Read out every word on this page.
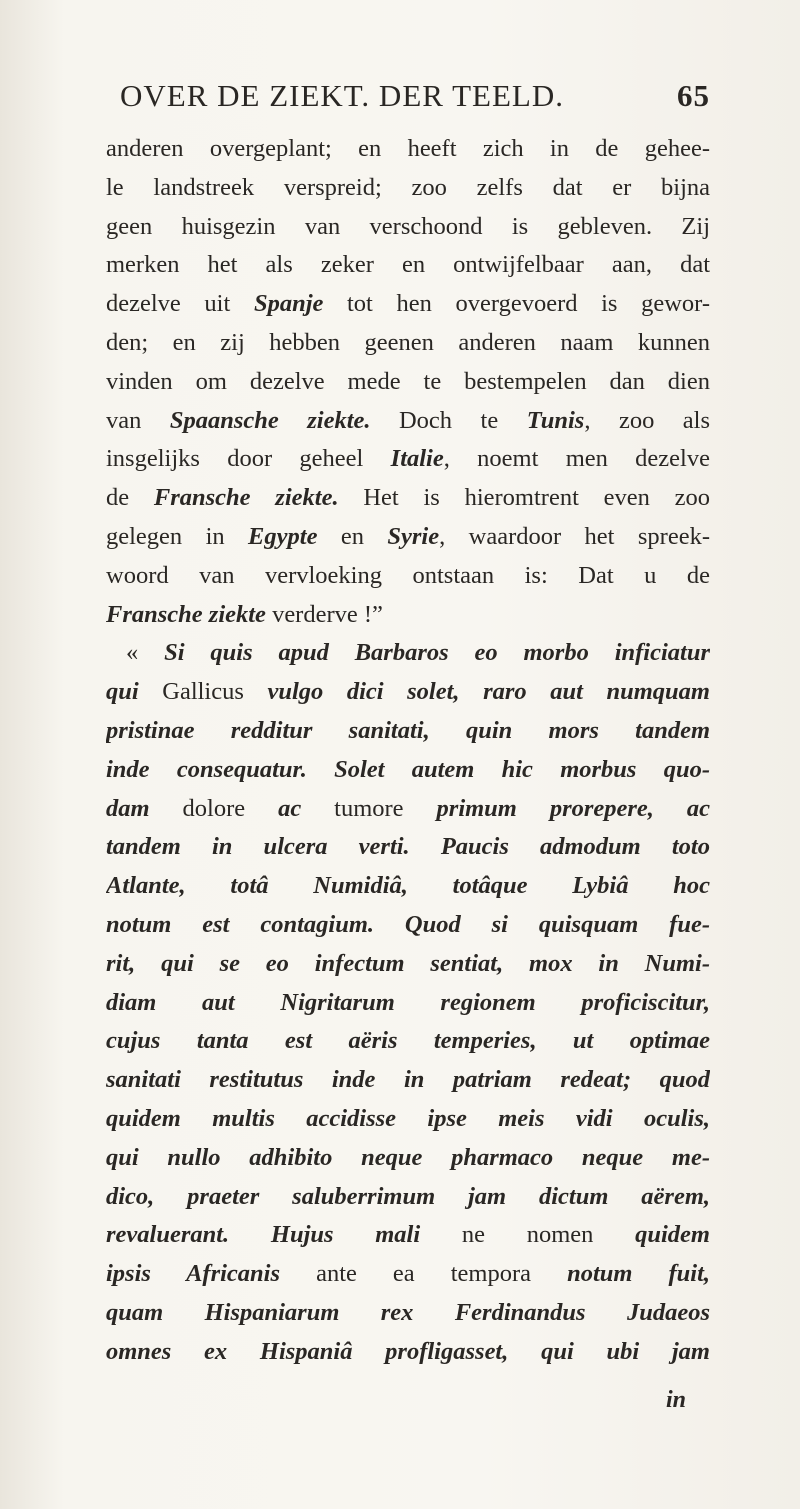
OVER DE ZIEKT. DER TEELD.	65
anderen overgeplant; en heeft zich in de gehee-
le landstreek verspreid; zoo zelfs dat er bijna
geen huisgezin van verschoond is gebleven. Zij
merken het als zeker en ontwijfelbaar aan, dat
dezelve uit Spanje tot hen overgevoerd is gewor-
den; en zij hebben geenen anderen naam kunnen
vinden om dezelve mede te bestempelen dan dien
van Spaansche ziekte. Doch te Tunis, zoo als
insgelijks door geheel Italie, noemt men dezelve
de Fransche ziekte. Het is hieromtrent even zoo
gelegen in Egypte en Syrie, waardoor het spreek-
woord van vervloeking ontstaan is: Dat u de
Fransche ziekte verderve !”
« Si quis apud Barbaros eo morbo inficiatur
qui Gallicus vulgo dici solet, raro aut numquam
pristinae redditur sanitati, quin mors tandem
inde consequatur. Solet autem hic morbus quo-
dam dolore ac tumore primum prorepere, ac
tandem in ulcera verti. Paucis admodum toto
Atlante, totâ Numidiâ, totâque Lybiâ hoc
notum est contagium. Quod si quisquam fue-
rit, qui se eo infectum sentiat, mox in Numi-
diam aut Nigritarum regionem proficiscitur,
cujus tanta est aëris temperies, ut optimae
sanitati restitutus inde in patriam redeat; quod
quidem multis accidisse ipse meis vidi oculis,
qui nullo adhibito neque pharmaco neque me-
dico, praeter saluberrimum jam dictum aërem,
revaluerant. Hujus mali ne nomen quidem
ipsis Africanis ante ea tempora notum fuit,
quam Hispaniarum rex Ferdinandus Judaeos
omnes ex Hispaniâ profligasset, qui ubi jam
in
